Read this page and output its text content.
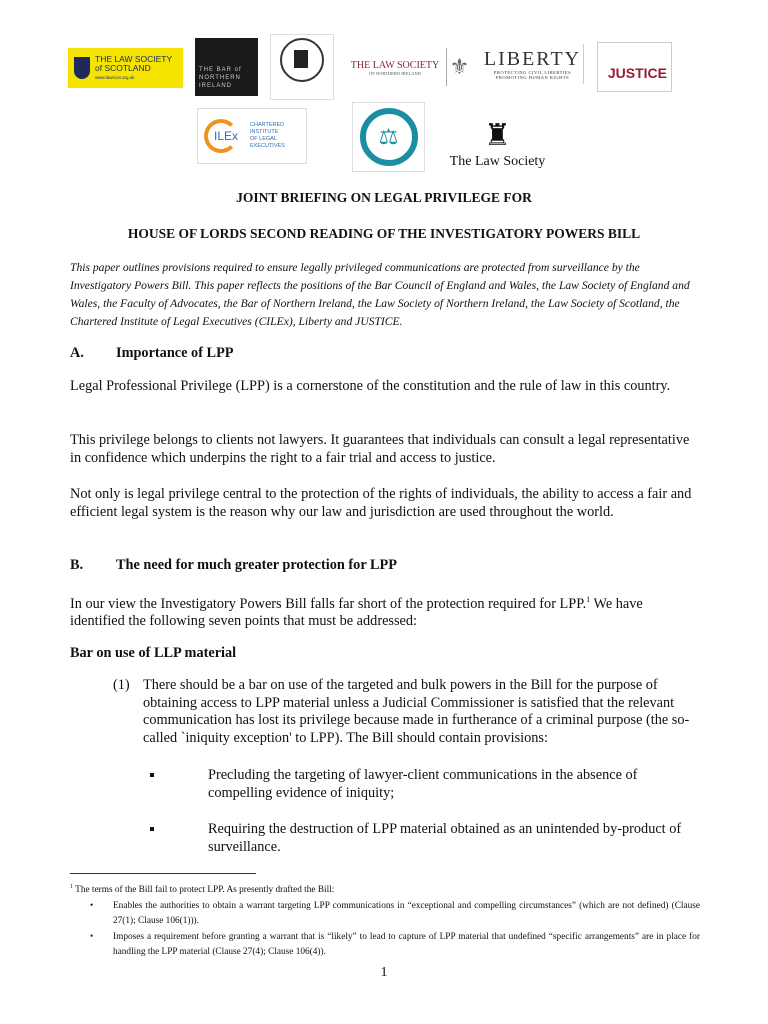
THE LAW SOCIETY
of SCOTLAND
www.lawscot.org.uk
THE BAR of
NORTHERN
IRELAND
THE LAW SOCIETY
OF NORTHERN IRELAND ⚜ LIBERTY
PROTECTING CIVIL LIBERTIES
PROMOTING HUMAN RIGHTS	JUSTICE
ILEx
CHARTERED INSTITUTE
OF LEGAL EXECUTIVES	⚖	♜
The Law Society
JOINT BRIEFING ON LEGAL PRIVILEGE FOR
HOUSE OF LORDS SECOND READING OF THE INVESTIGATORY POWERS BILL
This paper outlines provisions required to ensure legally privileged communications are protected from surveillance by the Investigatory Powers Bill. This paper reflects the positions of the Bar Council of England and Wales, the Law Society of England and Wales, the Faculty of Advocates, the Bar of Northern Ireland, the Law Society of Northern Ireland, the Law Society of Scotland, the Chartered Institute of Legal Executives (CILEx), Liberty and JUSTICE.
A. Importance of LPP
Legal Professional Privilege (LPP) is a cornerstone of the constitution and the rule of law in this country.
This privilege belongs to clients not lawyers. It guarantees that individuals can consult a legal representative in confidence which underpins the right to a fair trial and access to justice.
Not only is legal privilege central to the protection of the rights of individuals, the ability to access a fair and efficient legal system is the reason why our law and jurisdiction are used throughout the world.
B. The need for much greater protection for LPP
In our view the Investigatory Powers Bill falls far short of the protection required for LPP.$^1$ We have identified the following seven points that must be addressed:
Bar on use of LLP material
(1) There should be a bar on use of the targeted and bulk powers in the Bill for the purpose of obtaining access to LPP material unless a Judicial Commissioner is satisfied that the relevant communication has lost its privilege because made in furtherance of a criminal purpose (the so-called `iniquity exception' to LPP). The Bill should contain provisions:
Precluding the targeting of lawyer-client communications in the absence of compelling evidence of iniquity;
Requiring the destruction of LPP material obtained as an unintended by-product of surveillance.
$^1$ The terms of the Bill fail to protect LPP. As presently drafted the Bill:
• Enables the authorities to obtain a warrant targeting LPP communications in “exceptional and compelling circumstances” (which are not defined) (Clause 27(1); Clause 106(1))).
• Imposes a requirement before granting a warrant that is “likely” to lead to capture of LPP material that undefined “specific arrangements” are in place for handling the LPP material (Clause 27(4); Clause 106(4)).
1
